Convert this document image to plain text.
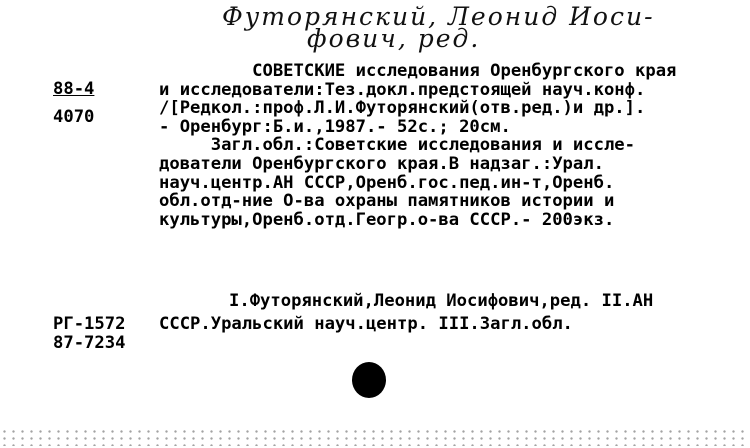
Футорянский, Леонид Иоси-
фович, ред.
88-4
4070
СОВЕТСКИЕ исследования Оренбургского края
и исследователи:Тез.докл.предстоящей науч.конф.
/[Редкол.:проф.Л.И.Футорянский(отв.ред.)и др.].
- Оренбург:Б.и.,1987.- 52с.; 20см.
Загл.обл.:Советские исследования и иссле-
дователи Оренбургского края.В надзаг.:Урал.
науч.центр.АН СССР,Оренб.гос.пед.ин-т,Оренб.
обл.отд-ние О-ва охраны памятников истории и
культуры,Оренб.отд.Геогр.о-ва СССР.- 200экз.
I.Футорянский,Леонид Иосифович,ред. II.АН
СССР.Уральский науч.центр. III.Загл.обл.
РГ-1572
87-7234
